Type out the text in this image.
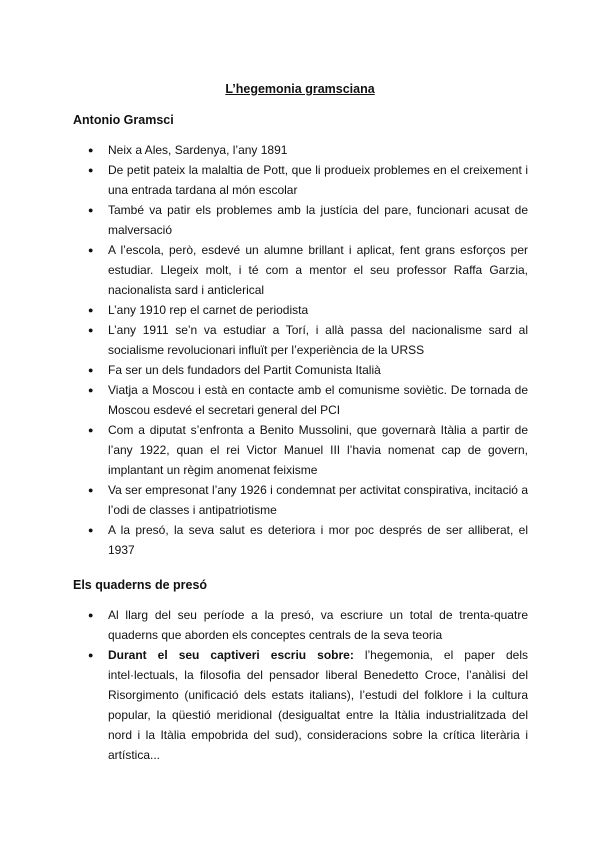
L’hegemonia gramsciana
Antonio Gramsci
● Neix a Ales, Sardenya, l’any 1891
● De petit pateix la malaltia de Pott, que li produeix problemes en el creixement i una entrada tardana al món escolar
● També va patir els problemes amb la justícia del pare, funcionari acusat de malversació
● A l’escola, però, esdevé un alumne brillant i aplicat, fent grans esforços per estudiar. Llegeix molt, i té com a mentor el seu professor Raffa Garzia, nacionalista sard i anticlerical
● L’any 1910 rep el carnet de periodista
● L’any 1911 se’n va estudiar a Torí, i allà passa del nacionalisme sard al socialisme revolucionari influït per l’experiència de la URSS
● Fa ser un dels fundadors del Partit Comunista Italià
● Viatja a Moscou i està en contacte amb el comunisme soviètic. De tornada de Moscou esdevé el secretari general del PCI
● Com a diputat s’enfronta a Benito Mussolini, que governarà Itàlia a partir de l’any 1922, quan el rei Victor Manuel III l’havia nomenat cap de govern, implantant un règim anomenat feixisme
● Va ser empresonat l’any 1926 i condemnat per activitat conspirativa, incitació a l’odi de classes i antipatriotisme
● A la presó, la seva salut es deteriora i mor poc després de ser alliberat, el 1937
Els quaderns de presó
● Al llarg del seu període a la presó, va escriure un total de trenta-quatre quaderns que aborden els conceptes centrals de la seva teoria
● Durant el seu captiveri escriu sobre: l’hegemonia, el paper dels intel·lectuals, la filosofia del pensador liberal Benedetto Croce, l’anàlisi del Risorgimento (unificació dels estats italians), l’estudi del folklore i la cultura popular, la qüestió meridional (desigualtat entre la Itàlia industrialitzada del nord i la Itàlia empobrida del sud), consideracions sobre la crítica literària i artística...
